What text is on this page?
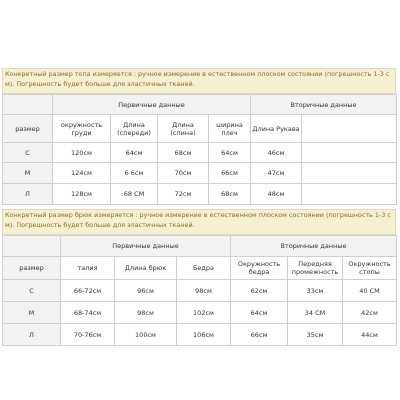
Конкретный размер топа измеряется : ручное измерение в естественном плоском состоянии (погрешность 1-3 см). Погрешность будет больше для эластичных тканей.
	Первичные данные				Вторичные данные	
размер	окружность груди	Длина (спереди)	Длина (спина)	ширина плеч	Длина Рукава	
С	120см	64см	68см	64см	46см	
М	124см	6 6см	70см	66см	47см	
Л	128см	68 СМ	72см	68см	48см	
Конкретный размер брюк измеряется : ручное измерение в естественном плоском состоянии (погрешность 1-3 см). Погрешность будет больше для эластичных тканей.
	Первичные данные			Вторичные данные		
размер	талия	Длина брюк	Бедра	Окружность бедра	Передняя промежность	Окружность стопы
С	66-72см	96см	98см	62см	33см	40 СМ
М	68-74см	98см	102см	64см	34 СМ	42см
Л	70-76см	100см	106см	66см	35см	44см
